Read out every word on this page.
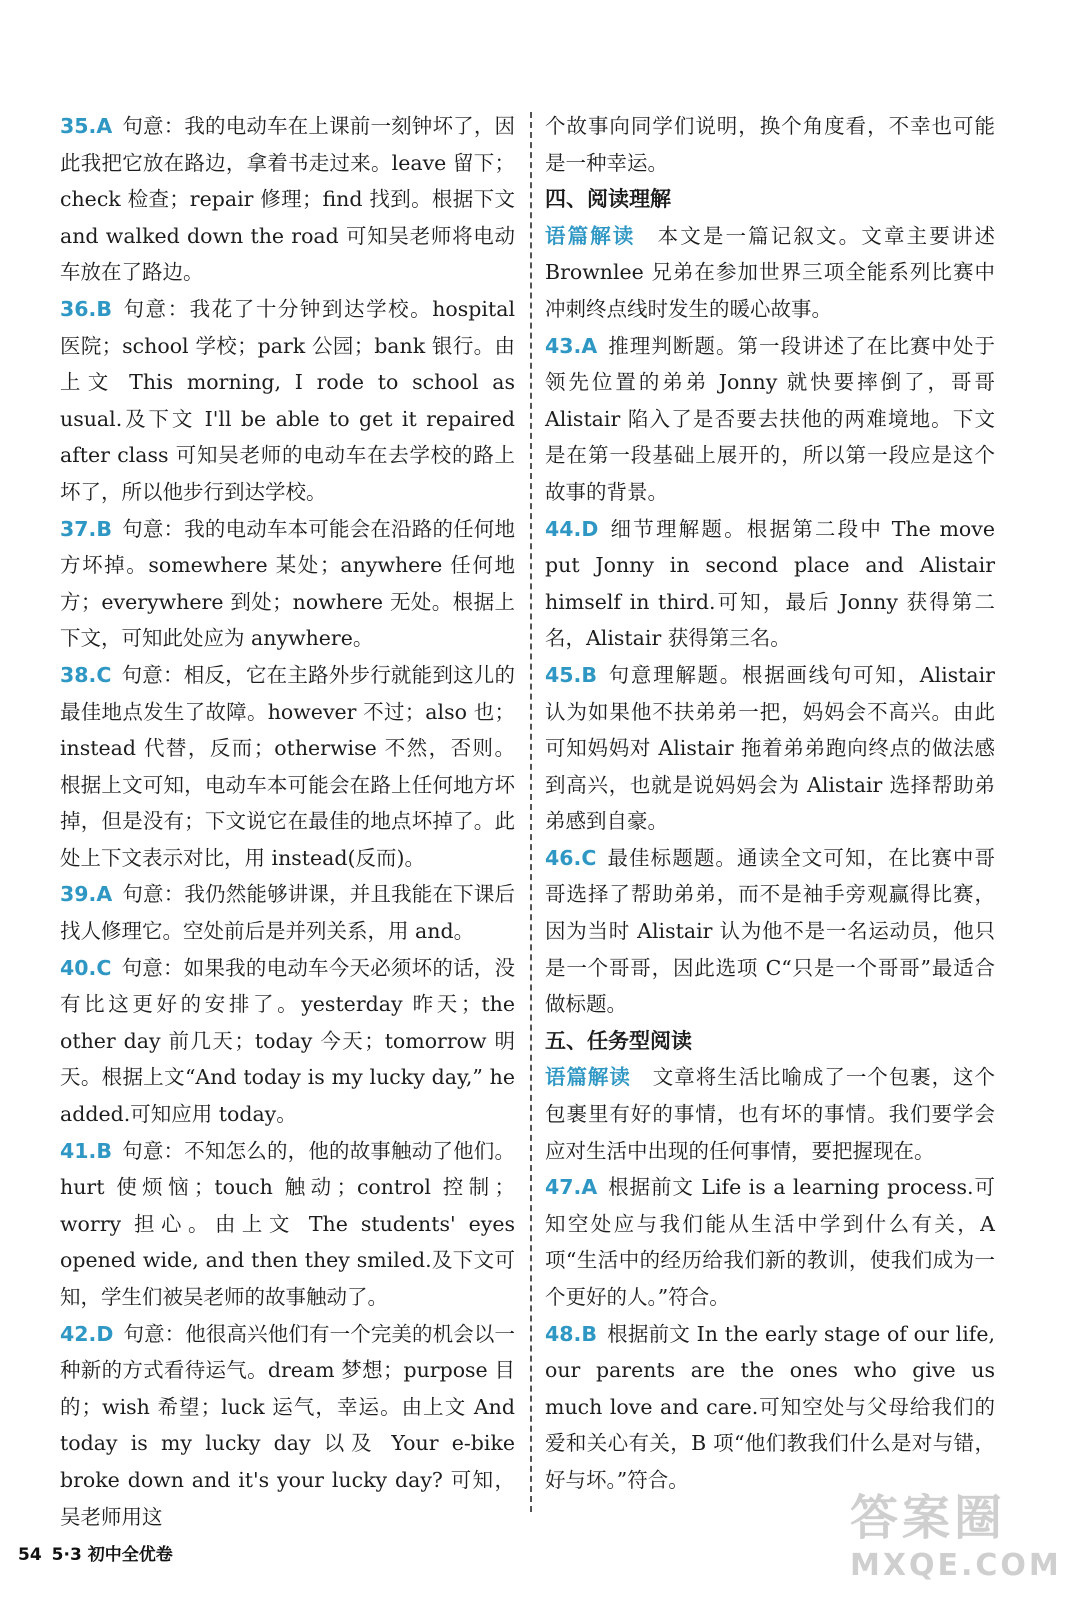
35.A 句意：我的电动车在上课前一刻钟坏了，因此我把它放在路边，拿着书走过来。leave 留下；check 检查；repair 修理；find 找到。根据下文 and walked down the road 可知吴老师将电动车放在了路边。

36.B 句意：我花了十分钟到达学校。hospital 医院；school 学校；park 公园；bank 银行。由上文 This morning, I rode to school as usual.及下文 I'll be able to get it repaired after class 可知吴老师的电动车在去学校的路上坏了，所以他步行到达学校。

37.B 句意：我的电动车本可能会在沿路的任何地方坏掉。somewhere 某处；anywhere 任何地方；everywhere 到处；nowhere 无处。根据上下文，可知此处应为 anywhere。

38.C 句意：相反，它在主路外步行就能到这儿的最佳地点发生了故障。however 不过；also 也；instead 代替，反而；otherwise 不然，否则。根据上文可知，电动车本可能会在路上任何地方坏掉，但是没有；下文说它在最佳的地点坏掉了。此处上下文表示对比，用 instead(反而)。

39.A 句意：我仍然能够讲课，并且我能在下课后找人修理它。空处前后是并列关系，用 and。

40.C 句意：如果我的电动车今天必须坏的话，没有比这更好的安排了。yesterday 昨天；the other day 前几天；today 今天；tomorrow 明天。根据上文“And today is my lucky day,” he added.可知应用 today。

41.B 句意：不知怎么的，他的故事触动了他们。hurt 使烦恼；touch 触动；control 控制；worry 担心。由上文 The students' eyes opened wide, and then they smiled.及下文可知，学生们被吴老师的故事触动了。

42.D 句意：他很高兴他们有一个完美的机会以一种新的方式看待运气。dream 梦想；purpose 目的；wish 希望；luck 运气，幸运。由上文 And today is my lucky day 以及 Your e-bike broke down and it's your lucky day? 可知，吴老师用这

个故事向同学们说明，换个角度看，不幸也可能是一种幸运。

四、阅读理解

语篇解读 本文是一篇记叙文。文章主要讲述 Brownlee 兄弟在参加世界三项全能系列比赛中冲刺终点线时发生的暖心故事。

43.A 推理判断题。第一段讲述了在比赛中处于领先位置的弟弟 Jonny 就快要摔倒了，哥哥 Alistair 陷入了是否要去扶他的两难境地。下文是在第一段基础上展开的，所以第一段应是这个故事的背景。

44.D 细节理解题。根据第二段中 The move put Jonny in second place and Alistair himself in third.可知，最后 Jonny 获得第二名，Alistair 获得第三名。

45.B 句意理解题。根据画线句可知，Alistair 认为如果他不扶弟弟一把，妈妈会不高兴。由此可知妈妈对 Alistair 拖着弟弟跑向终点的做法感到高兴，也就是说妈妈会为 Alistair 选择帮助弟弟感到自豪。

46.C 最佳标题题。通读全文可知，在比赛中哥哥选择了帮助弟弟，而不是袖手旁观赢得比赛，因为当时 Alistair 认为他不是一名运动员，他只是一个哥哥，因此选项 C“只是一个哥哥”最适合做标题。

五、任务型阅读

语篇解读 文章将生活比喻成了一个包裹，这个包裹里有好的事情，也有坏的事情。我们要学会应对生活中出现的任何事情，要把握现在。

47.A 根据前文 Life is a learning process.可知空处应与我们能从生活中学到什么有关，A 项“生活中的经历给我们新的教训，使我们成为一个更好的人。”符合。

48.B 根据前文 In the early stage of our life, our parents are the ones who give us much love and care.可知空处与父母给我们的爱和关心有关，B 项“他们教我们什么是对与错，好与坏。”符合。

54 5·3 初中全优卷
答案圈
MXQE.COM
